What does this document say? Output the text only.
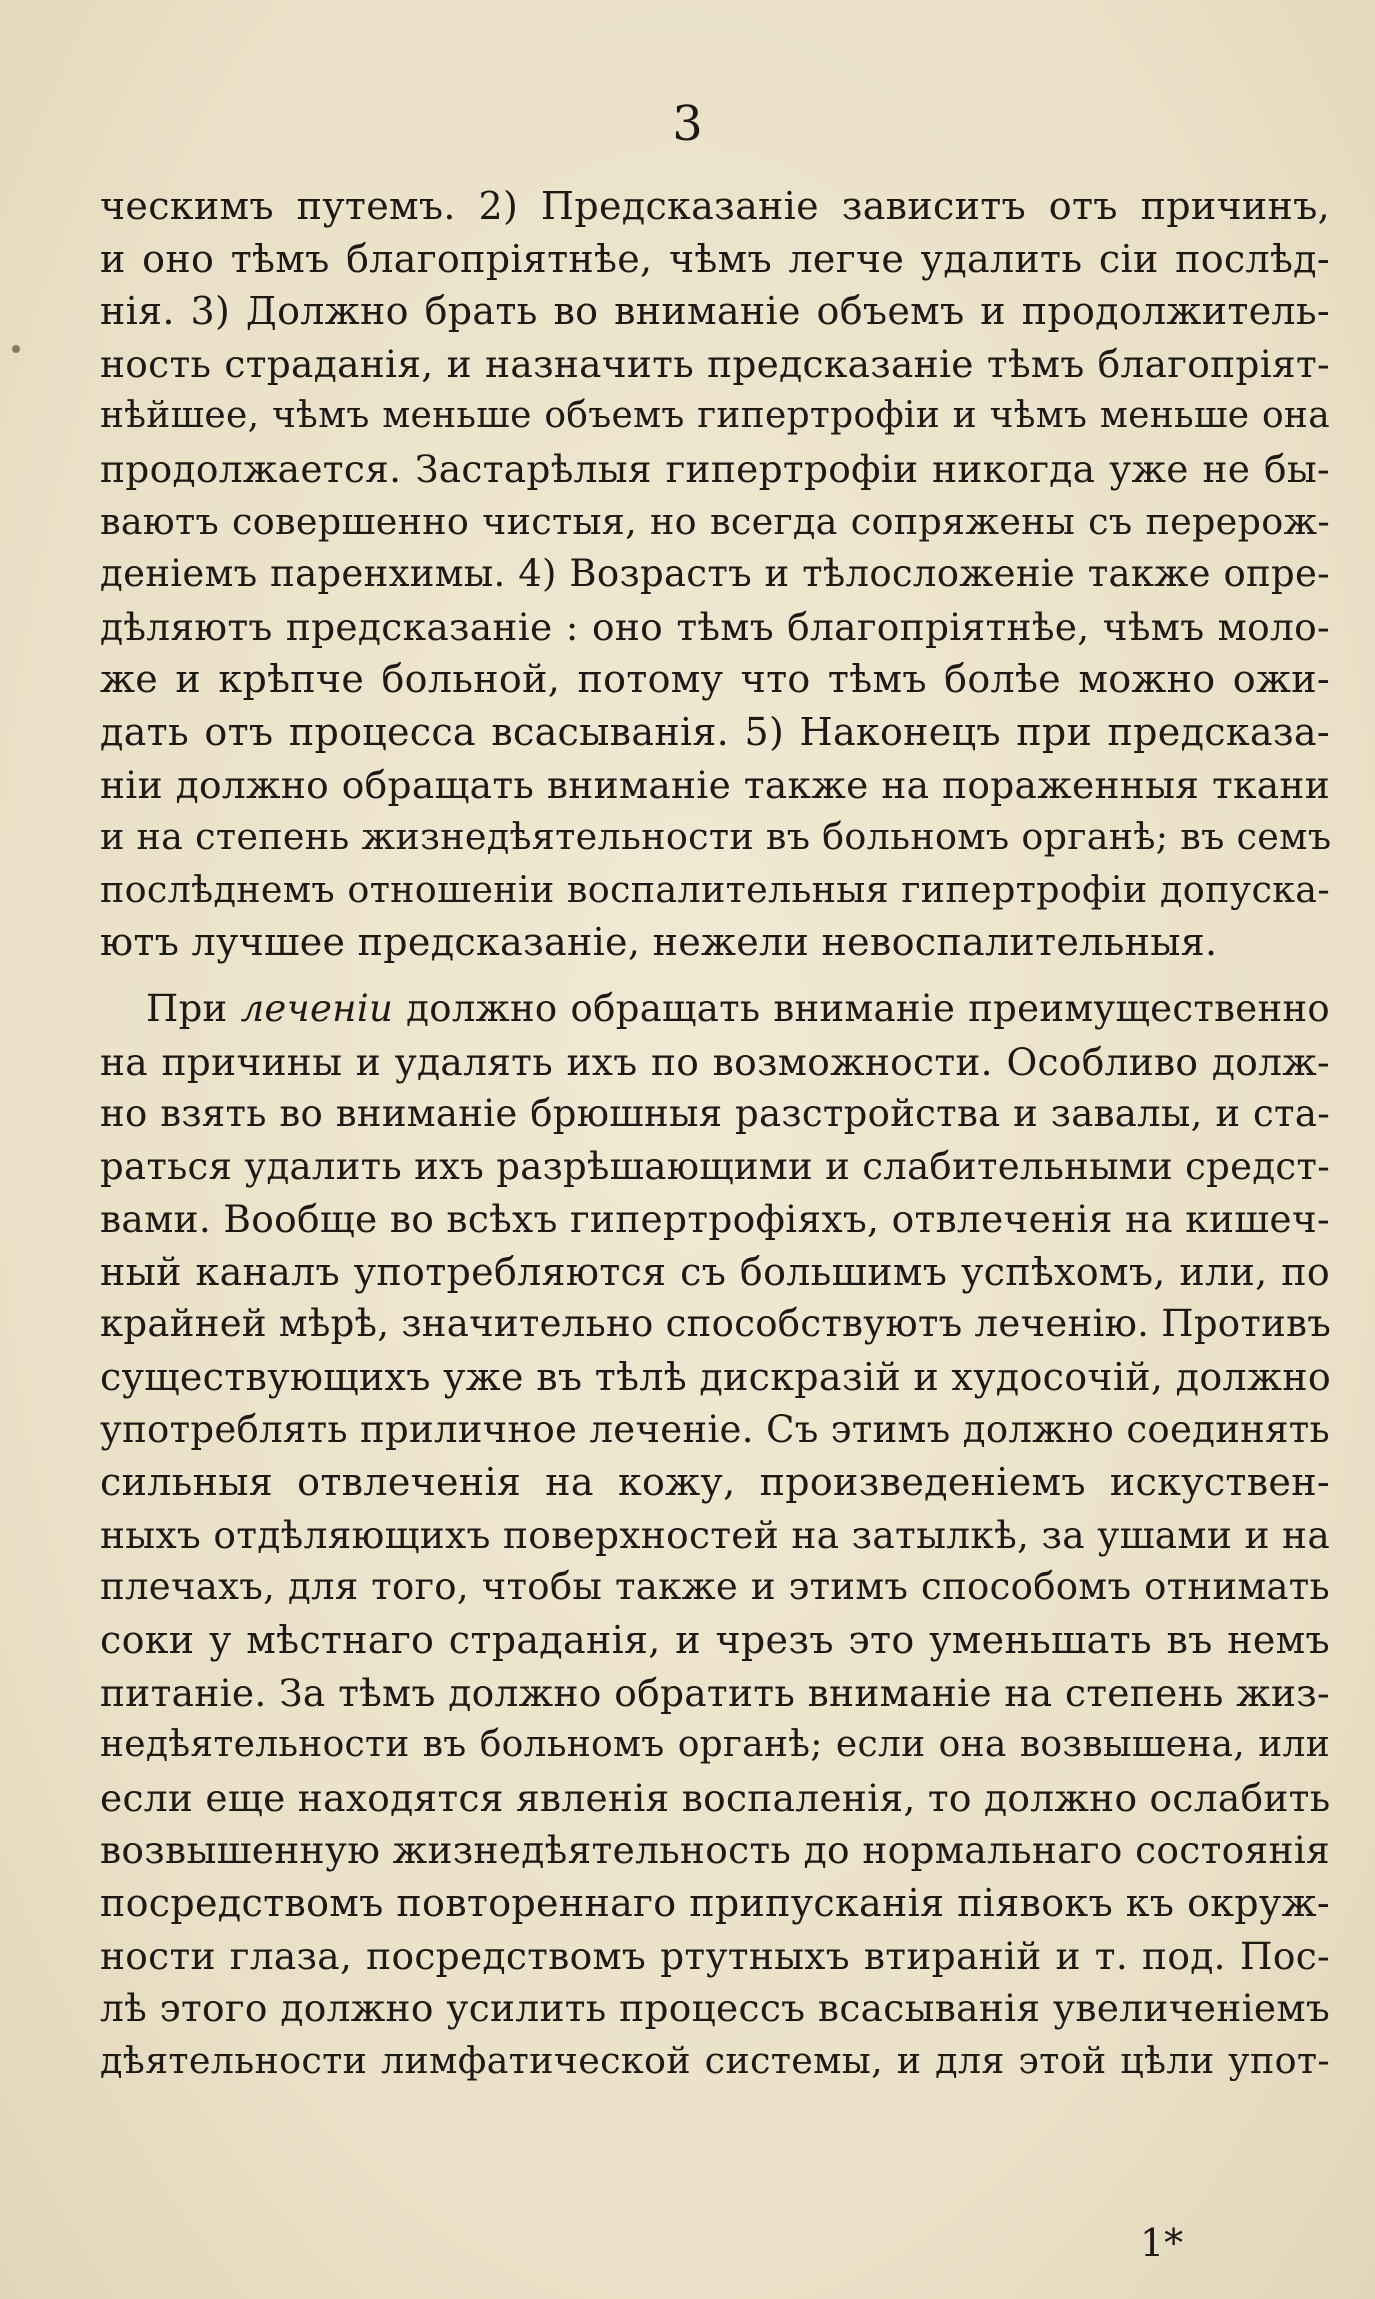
3
ческимъ путемъ. 2) Предсказаніе зависитъ отъ причинъ,
и оно тѣмъ благопріятнѣе, чѣмъ легче удалить сіи послѣд-
нія. 3) Должно брать во вниманіе объемъ и продолжитель-
ность страданія, и назначить предсказаніе тѣмъ благопріят-
нѣйшее, чѣмъ меньше объемъ гипертрофіи и чѣмъ меньше она
продолжается. Застарѣлыя гипертрофіи никогда уже не бы-
ваютъ совершенно чистыя, но всегда сопряжены съ перерож-
деніемъ паренхимы. 4) Возрастъ и тѣлосложеніе также опре-
дѣляютъ предсказаніе : оно тѣмъ благопріятнѣе, чѣмъ моло-
же и крѣпче больной, потому что тѣмъ болѣе можно ожи-
дать отъ процесса всасыванія. 5) Наконецъ при предсказа-
ніи должно обращать вниманіе также на пораженныя ткани
и на степень жизнедѣятельности въ больномъ органѣ; въ семъ
послѣднемъ отношеніи воспалительныя гипертрофіи допуска-
ютъ лучшее предсказаніе, нежели невоспалительныя.
При леченіи должно обращать вниманіе преимущественно
на причины и удалять ихъ по возможности. Особливо долж-
но взять во вниманіе брюшныя разстройства и завалы, и ста-
раться удалить ихъ разрѣшающими и слабительными средст-
вами. Вообще во всѣхъ гипертрофіяхъ, отвлеченія на кишеч-
ный каналъ употребляются съ большимъ успѣхомъ, или, по
крайней мѣрѣ, значительно способствуютъ леченію. Противъ
существующихъ уже въ тѣлѣ дискразій и худосочій, должно
употреблять приличное леченіе. Съ этимъ должно соединять
сильныя отвлеченія на кожу, произведеніемъ искуствен-
ныхъ отдѣляющихъ поверхностей на затылкѣ, за ушами и на
плечахъ, для того, чтобы также и этимъ способомъ отнимать
соки у мѣстнаго страданія, и чрезъ это уменьшать въ немъ
питаніе. За тѣмъ должно обратить вниманіе на степень жиз-
недѣятельности въ больномъ органѣ; если она возвышена, или
если еще находятся явленія воспаленія, то должно ослабить
возвышенную жизнедѣятельность до нормальнаго состоянія
посредствомъ повтореннаго припусканія піявокъ къ окруж-
ности глаза, посредствомъ ртутныхъ втираній и т. под. Пос-
лѣ этого должно усилить процессъ всасыванія увеличеніемъ
дѣятельности лимфатической системы, и для этой цѣли упот-
1*
